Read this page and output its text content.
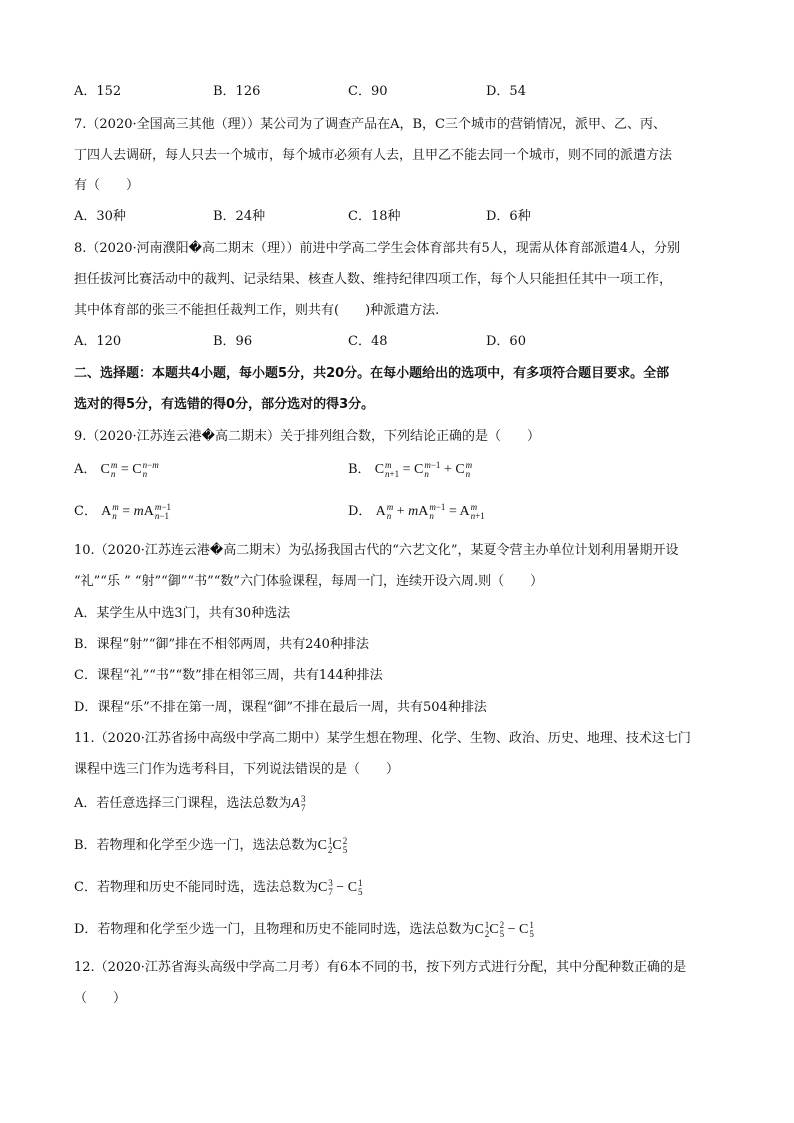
A．152	B．126	C．90	D．54
7.（2020·全国高三其他（理））某公司为了调查产品在A，B，C三个城市的营销情况，派甲、乙、丙、
丁四人去调研，每人只去一个城市，每个城市必须有人去，且甲乙不能去同一个城市，则不同的派遣方法
有（　　）
A．30种	B．24种	C．18种	D．6种
8.（2020·河南濮阳�高二期末（理））前进中学高二学生会体育部共有5人，现需从体育部派遣4人，分别
担任拔河比赛活动中的裁判、记录结果、核查人数、维持纪律四项工作，每个人只能担任其中一项工作，
其中体育部的张三不能担任裁判工作，则共有(　　)种派遣方法.
A．120	B．96	C．48	D．60
二、选择题：本题共4小题，每小题5分，共20分。在每小题给出的选项中，有多项符合题目要求。全部
选对的得5分，有选错的得0分，部分选对的得3分。
9.（2020·江苏连云港�高二期末）关于排列组合数，下列结论正确的是（　　）
A． C m
n = C n−m
n	B． C m
n+1 = C m−1
n + C m
n
C． A m
n = mA m−1
n−1	D． A m
n + mA m−1
n = A m
n+1
10.（2020·江苏连云港�高二期末）为弘扬我国古代的“六艺文化”，某夏令营主办单位计划利用暑期开设
“礼”“乐 ” “射”“御”“书”“数”六门体验课程，每周一门，连续开设六周.则（　　）
A．某学生从中选3门，共有30种选法
B．课程“射”“御”排在不相邻两周，共有240种排法
C．课程“礼”“书”“数”排在相邻三周，共有144种排法
D．课程“乐”不排在第一周，课程“御”不排在最后一周，共有504种排法
11.（2020·江苏省扬中高级中学高二期中）某学生想在物理、化学、生物、政治、历史、地理、技术这七门
课程中选三门作为选考科目，下列说法错误的是（　　）
A．若任意选择三门课程，选法总数为A 3
7
B．若物理和化学至少选一门，选法总数为C 1
2 C 2
5
C．若物理和历史不能同时选，选法总数为C 3
7 − C 1
5
D．若物理和化学至少选一门，且物理和历史不能同时选，选法总数为C 1
2 C 2
5 − C 1
5
12.（2020·江苏省海头高级中学高二月考）有6本不同的书，按下列方式进行分配，其中分配种数正确的是
（　　）
